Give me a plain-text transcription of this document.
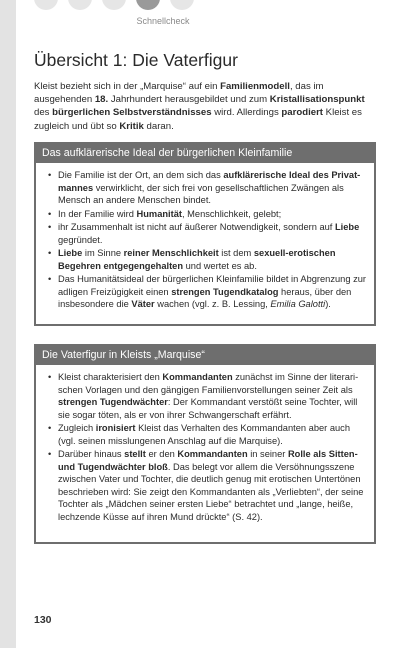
Schnellcheck
Übersicht 1: Die Vaterfigur

Kleist bezieht sich in der „Marquise“ auf ein Familienmodell, das im ausgehenden 18. Jahrhundert herausgebildet und zum Kristallisationspunkt des bürgerlichen Selbstverständnisses wird. Allerdings parodiert Kleist es zugleich und übt so Kritik daran.

Das aufklärerische Ideal der bürgerlichen Kleinfamilie
• Die Familie ist der Ort, an dem sich das aufklärerische Ideal des Privat-mannes verwirklicht, der sich frei von gesellschaftlichen Zwängen als Mensch an andere Menschen bindet.
• In der Familie wird Humanität, Menschlichkeit, gelebt;
• ihr Zusammenhalt ist nicht auf äußerer Notwendigkeit, sondern auf Liebe gegründet.
• Liebe im Sinne reiner Menschlichkeit ist dem sexuell-erotischen Begehren entgegengehalten und wertet es ab.
• Das Humanitätsideal der bürgerlichen Kleinfamilie bildet in Abgrenzung zur adligen Freizügigkeit einen strengen Tugendkatalog heraus, über den insbesondere die Väter wachen (vgl. z. B. Lessing, Emilia Galotti).
Die Vaterfigur in Kleists „Marquise“
• Kleist charakterisiert den Kommandanten zunächst im Sinne der literari-schen Vorlagen und den gängigen Familienvorstellungen seiner Zeit als strengen Tugendwächter: Der Kommandant verstößt seine Tochter, will sie sogar töten, als er von ihrer Schwangerschaft erfährt.
• Zugleich ironisiert Kleist das Verhalten des Kommandanten aber auch (vgl. seinen misslungenen Anschlag auf die Marquise).
• Darüber hinaus stellt er den Kommandanten in seiner Rolle als Sitten- und Tugendwächter bloß. Das belegt vor allem die Versöhnungsszene zwischen Vater und Tochter, die deutlich genug mit erotischen Untertönen beschrieben wird: Sie zeigt den Kommandanten als „Verliebten“, der seine Tochter als „Mädchen seiner ersten Liebe“ betrachtet und „lange, heiße, lechzende Küsse auf ihren Mund drückte“ (S. 42).
130
